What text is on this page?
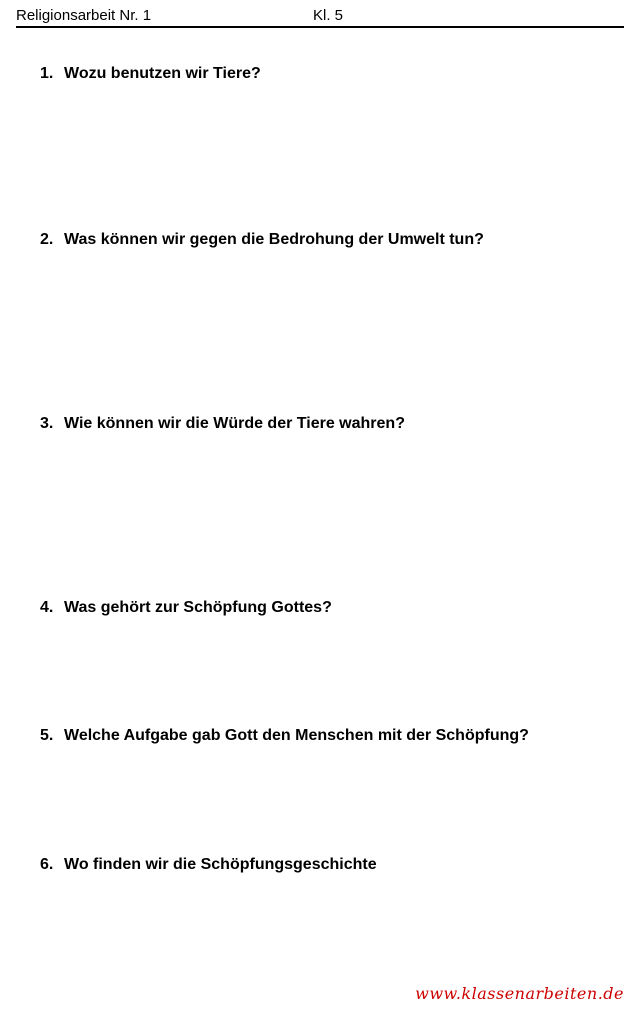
Religionsarbeit Nr. 1	Kl. 5
1. Wozu benutzen wir Tiere?
2. Was können wir gegen die Bedrohung der Umwelt tun?
3. Wie können wir die Würde der Tiere wahren?
4. Was gehört zur Schöpfung Gottes?
5. Welche Aufgabe gab Gott den Menschen mit der Schöpfung?
6. Wo finden wir die Schöpfungsgeschichte
www.klassenarbeiten.de
